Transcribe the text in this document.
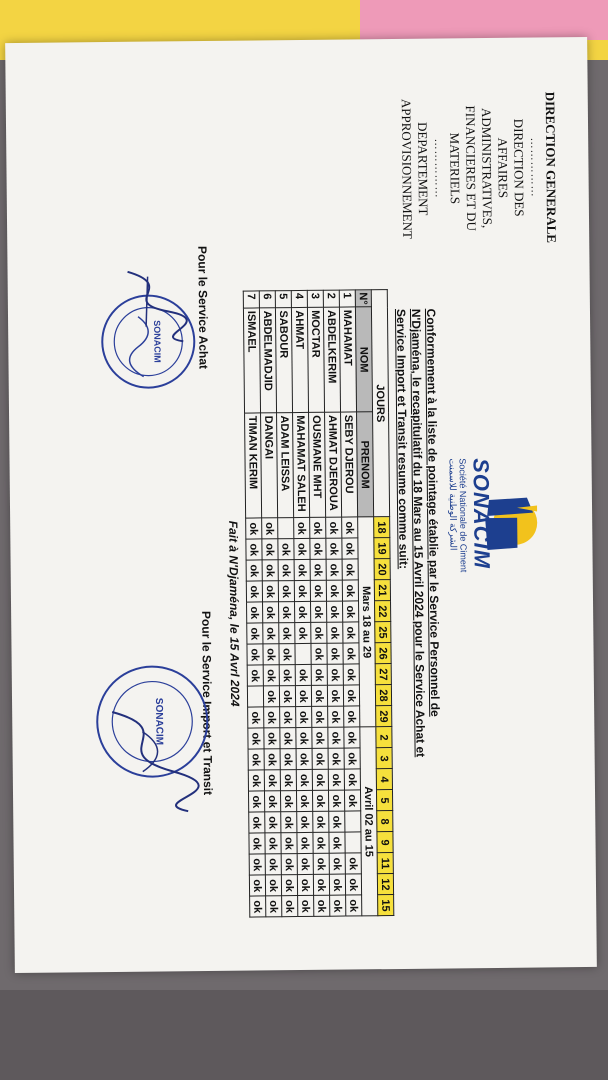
DIRECTION GENERALE
……………
DIRECTION DES
AFFAIRES
ADMINISTRATIVES,
FINANCIERES ET DU
MATERIELS
……………
DEPARTEMENT
APPROVISIONNEMENT
SONACIM
Société Nationale de Ciment
الشركة الوطنية للاسمنت
Conformement à la liste de pointage établie par le Service Personnel de
N'Djaména, le recapitulatif du 18 Mars au 15 Avril 2024 pour le Service Achat et
Service Import et Transit resume comme suit:
JOURS			18	19	20	21	22	25	26	27	28	29	2	3	4	5	8	9	11	12	15
N°	NOM	PRENOM	Mars 18 au 29										Avril 02 au 15								
1	MAHAMAT	SEBY DJEROU	ok	ok	ok	ok	ok	ok	ok	ok	ok	ok	ok	ok	ok	ok			ok	ok	ok
2	ABDELKERIM	AHMAT DJEROUA	ok	ok	ok	ok	ok	ok	ok	ok	ok	ok	ok	ok	ok	ok	ok	ok	ok	ok	ok
3	MOCTAR	OUSMANE MHT	ok	ok	ok	ok	ok	ok	ok	ok	ok	ok	ok	ok	ok	ok	ok	ok	ok	ok	ok
4	AHMAT	MAHAMAT SALEH	ok	ok	ok	ok	ok	ok		ok	ok	ok	ok	ok	ok	ok	ok	ok	ok	ok	ok
5	SABOUR	ADAM LEISSA		ok	ok	ok	ok	ok	ok	ok	ok	ok	ok	ok	ok	ok	ok	ok	ok	ok	ok
6	ABDELMADJID	DANGAI	ok	ok	ok	ok	ok	ok	ok	ok	ok	ok	ok	ok	ok	ok	ok	ok	ok	ok	ok
7	ISMAEL	TIMAN KERIM	ok	ok	ok	ok	ok	ok	ok	ok		ok	ok	ok	ok	ok	ok	ok	ok	ok	ok
Fait à N'Djaména, le 15 Avrl 2024
Pour le Service Achat
Pour le Service Import et Transit
SONACIM
SONACIM
